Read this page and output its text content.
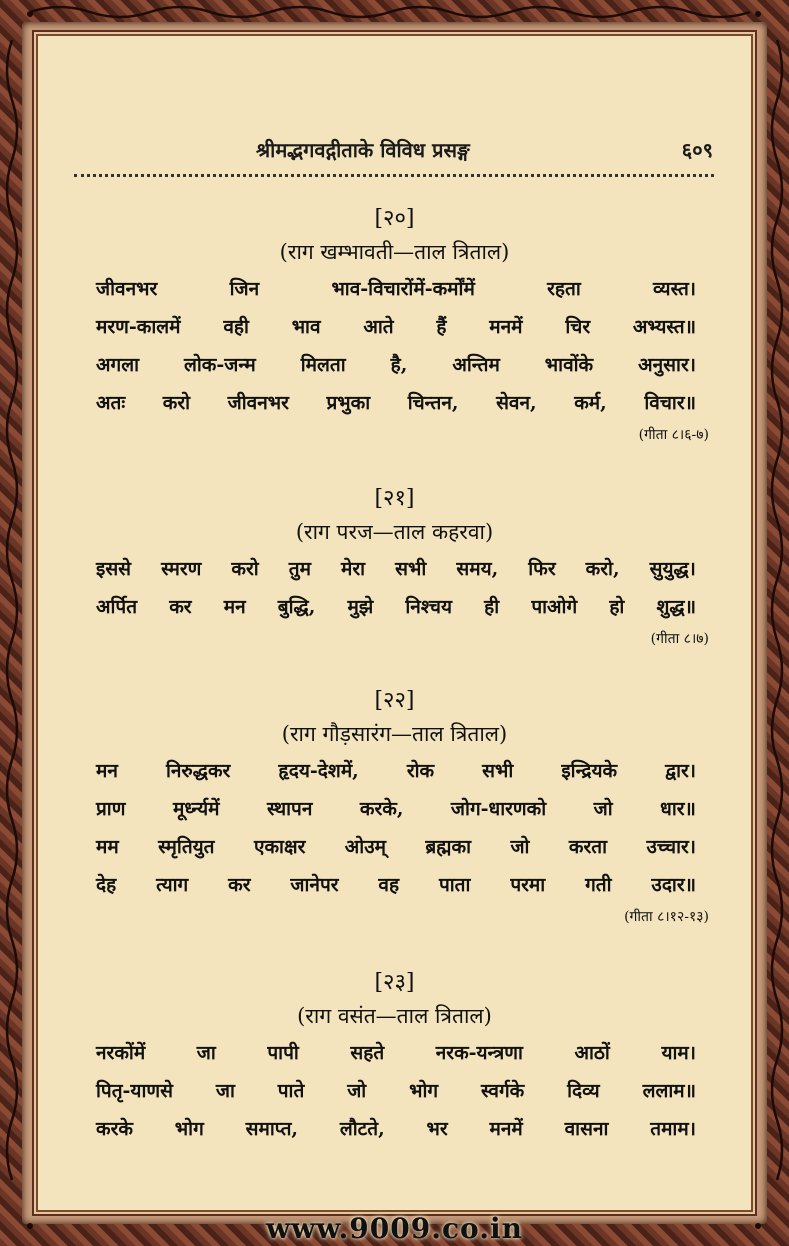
श्रीमद्भगवद्गीताके विविध प्रसङ्ग	६०९
[२०]
(राग खम्भावती—ताल त्रिताल)
जीवनभर	जिन	भाव-विचारोंमें-कर्मोंमें	रहता	व्यस्त।
मरण-कालमें वही भाव आते हैं मनमें चिर अभ्यस्त॥
अगला लोक-जन्म मिलता है, अन्तिम भावोंके अनुसार।
अतः करो जीवनभर प्रभुका चिन्तन, सेवन, कर्म, विचार॥
(गीता ८।६-७)
[२१]
(राग परज—ताल कहरवा)
इससे स्मरण करो तुम मेरा सभी समय, फिर करो, सुयुद्ध।
अर्पित कर मन बुद्धि, मुझे निश्चय ही पाओगे हो शुद्ध॥
(गीता ८।७)
[२२]
(राग गौड़सारंग—ताल त्रिताल)
मन	निरुद्धकर	हृदय-देशमें,	रोक	सभी	इन्द्रियके	द्वार।
प्राण मूर्ध्न्यमें स्थापन करके, जोग-धारणको जो धार॥
मम स्मृतियुत एकाक्षर ओउम् ब्रह्मका जो करता उच्चार।
देह त्याग कर जानेपर वह पाता परमा गती उदार॥
(गीता ८।१२-१३)
[२३]
(राग वसंत—ताल त्रिताल)
नरकोंमें	जा	पापी	सहते	नरक-यन्त्रणा	आठों	याम।
पितृ-याणसे जा पाते जो भोग स्वर्गके दिव्य ललाम॥
करके भोग समाप्त, लौटते, भर मनमें वासना तमाम।
www.9009.co.in
